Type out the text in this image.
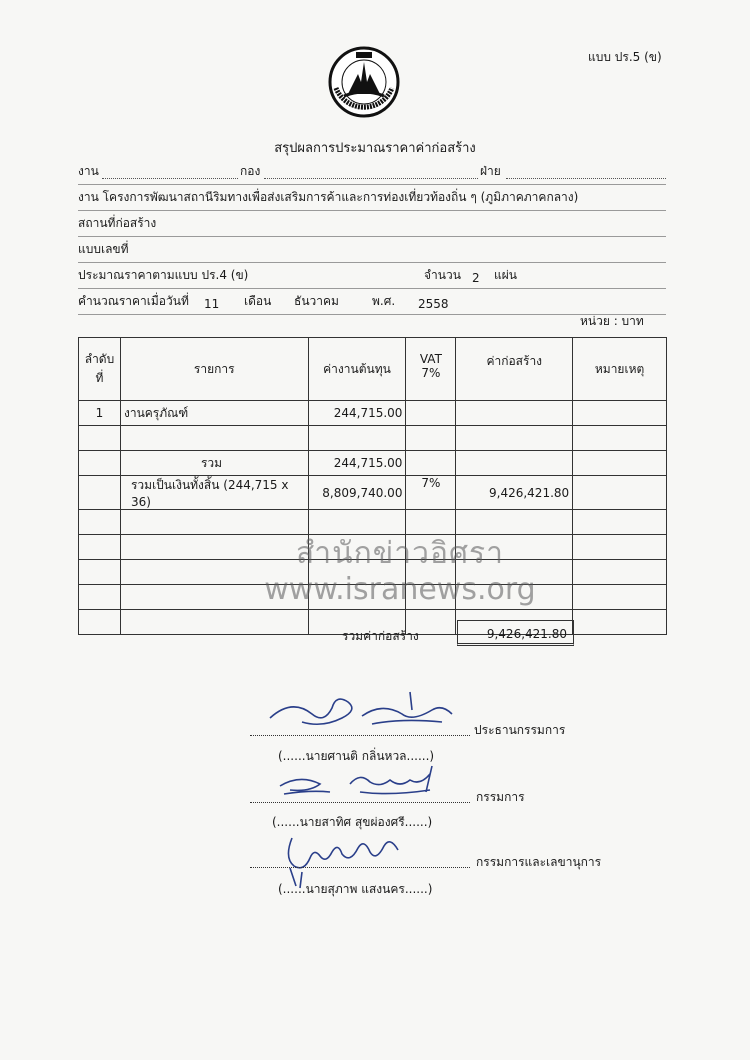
แบบ ปร.5 (ข)
สรุปผลการประมาณราคาค่าก่อสร้าง
งาน	กอง	ฝ่าย
งาน โครงการพัฒนาสถานีริมทางเพื่อส่งเสริมการค้าและการท่องเที่ยวท้องถิ่น ๆ (ภูมิภาคภาคกลาง)
สถานที่ก่อสร้าง
แบบเลขที่
ประมาณราคาตามแบบ ปร.4 (ข)	จำนวน 2 แผ่น
คำนวณราคาเมื่อวันที่ 11 เดือน ธันวาคม	พ.ศ. 2558
หน่วย : บาท
ลำดับที่	รายการ	ค่างานต้นทุน	VAT 7%	ค่าก่อสร้าง	หมายเหตุ
1	งานครุภัณฑ์	244,715.00			

	รวม	244,715.00			
	รวมเป็นเงินทั้งสิ้น (244,715 x 36)	8,809,740.00	7%	9,426,421.80	

รวมค่าก่อสร้าง	9,426,421.80
สำนักข่าวอิศรา
www.isranews.org
ประธานกรรมการ
(......นายศานติ กลิ่นหวล......)
กรรมการ
(......นายสาทิศ สุขผ่องศรี......)
กรรมการและเลขานุการ
(......นายสุภาพ แสงนคร......)
